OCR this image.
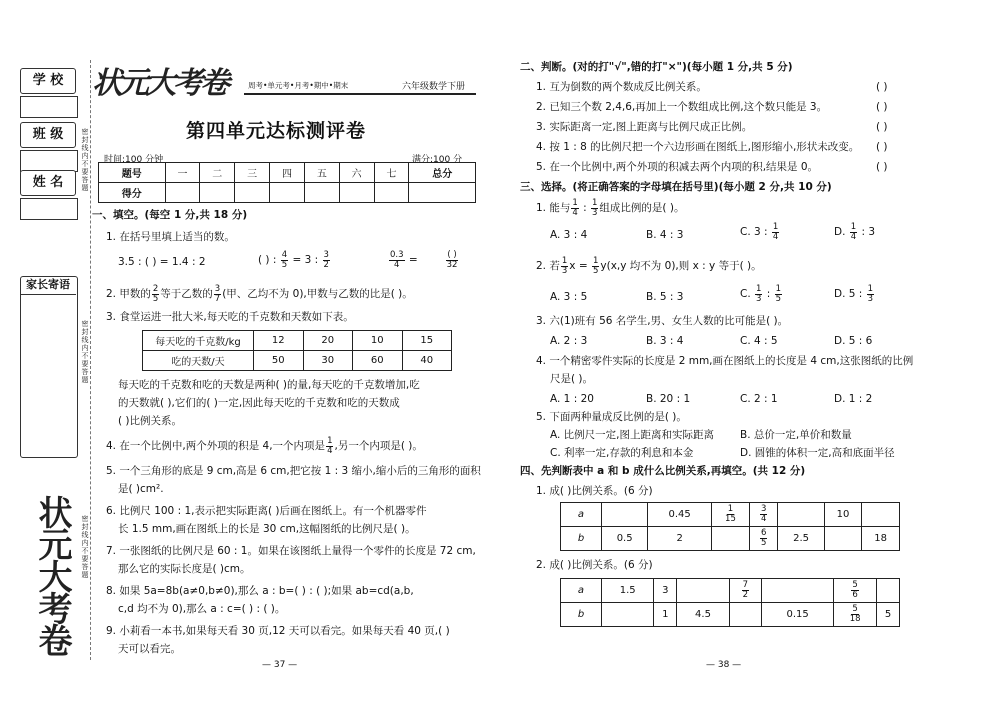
学 校
班 级
姓 名
家长寄语
密封线内不要答题
密封线内不要答题
密封线内不要答题
状元大考卷
状元大考卷	周考•单元考•月考•期中•期末	六年级数学下册
第四单元达标测评卷
时间:100 分钟	满分:100 分
题号	一	二	三	四	五	六	七	总分
得分								
一、填空。(每空 1 分,共 18 分)
1. 在括号里填上适当的数。
3.5 : ( ) = 1.4 : 2	( ) : $\frac{4}{5} = 3$ : $\frac{3}{2}$	$\frac{0.3}{4} = \frac{( )}{32}$
2. 甲数的 $\frac{2}{5}$ 等于乙数的 $\frac{3}{7}$ (甲、乙均不为 0),甲数与乙数的比是( )。
3. 食堂运进一批大米,每天吃的千克数和天数如下表。
每天吃的千克数/kg	12	20	10	15
吃的天数/天	50	30	60	40
每天吃的千克数和吃的天数是两种( )的量,每天吃的千克数增加,吃
的天数就( ),它们的( )一定,因此每天吃的千克数和吃的天数成
( )比例关系。
4. 在一个比例中,两个外项的积是 4,一个内项是 $\frac{1}{4}$ ,另一个内项是( )。
5. 一个三角形的底是 9 cm,高是 6 cm,把它按 1 : 3 缩小,缩小后的三角形的面积
是( )cm².
6. 比例尺 100 : 1,表示把实际距离( )后画在图纸上。有一个机器零件
长 1.5 mm,画在图纸上的长是 30 cm,这幅图纸的比例尺是( )。
7. 一张图纸的比例尺是 60 : 1。如果在该图纸上量得一个零件的长度是 72 cm,
那么它的实际长度是( )cm。
8. 如果 5a=8b(a≠0,b≠0),那么 a : b=( ) : ( );如果 ab=cd(a,b,
c,d 均不为 0),那么 a : c=( ) : ( )。
9. 小莉看一本书,如果每天看 30 页,12 天可以看完。如果每天看 40 页,( )
天可以看完。
— 37 —
二、判断。(对的打"√",错的打"×")(每小题 1 分,共 5 分)
1. 互为倒数的两个数成反比例关系。	( )
2. 已知三个数 2,4,6,再加上一个数组成比例,这个数只能是 3。	( )
3. 实际距离一定,图上距离与比例尺成正比例。	( )
4. 按 1 : 8 的比例尺把一个六边形画在图纸上,图形缩小,形状未改变。 ( )
5. 在一个比例中,两个外项的积减去两个内项的积,结果是 0。	( )
三、选择。(将正确答案的字母填在括号里)(每小题 2 分,共 10 分)
1. 能与 $\frac{1}{4}$ : $\frac{1}{3}$ 组成比例的是( )。
A. 3 : 4	B. 4 : 3	C. 3 : $\frac{1}{4}$	D. $\frac{1}{4}$ : 3
2. 若 $\frac{1}{3}$ $x = \frac{1}{5} y(x,y$ 均不为 0),则 x : y 等于( )。
A. 3 : 5	B. 5 : 3	C. $\frac{1}{3}$ : $\frac{1}{5}$	D. 5 : $\frac{1}{3}$
3. 六(1)班有 56 名学生,男、女生人数的比可能是( )。
A. 2 : 3	B. 3 : 4	C. 4 : 5	D. 5 : 6
4. 一个精密零件实际的长度是 2 mm,画在图纸上的长度是 4 cm,这张图纸的比例
尺是( )。
A. 1 : 20	B. 20 : 1	C. 2 : 1	D. 1 : 2
5. 下面两种量成反比例的是( )。
A. 比例尺一定,图上距离和实际距离 B. 总价一定,单价和数量
C. 利率一定,存款的利息和本金	D. 圆锥的体积一定,高和底面半径
四、先判断表中 a 和 b 成什么比例关系,再填空。(共 12 分)
1. 成( )比例关系。(6 分)
a		0.45	$\frac{1}{15}$	$\frac{3}{4}$		10	
b	0.5	2		$\frac{6}{5}$	2.5		18
2. 成( )比例关系。(6 分)
a	1.5	3		$\frac{7}{2}$		$\frac{5}{6}$

b		1	4.5		0.15	$\frac{5}{18}$	5
— 38 —
